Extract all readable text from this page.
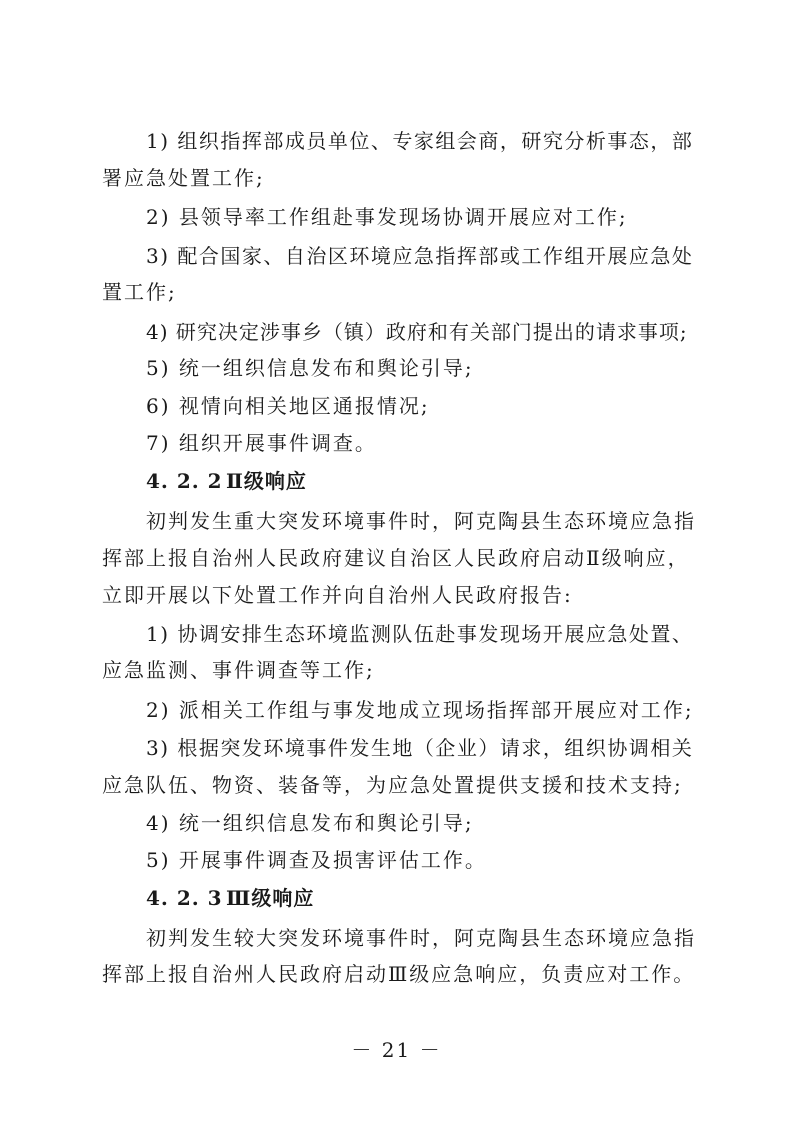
1) 组织指挥部成员单位、专家组会商，研究分析事态，部
署应急处置工作;
2) 县领导率工作组赴事发现场协调开展应对工作;
3) 配合国家、自治区环境应急指挥部或工作组开展应急处
置工作;
4) 研究决定涉事乡（镇）政府和有关部门提出的请求事项;
5) 统一组织信息发布和舆论引导;
6) 视情向相关地区通报情况;
7) 组织开展事件调查。
4. 2. 2 Ⅱ级响应
初判发生重大突发环境事件时，阿克陶县生态环境应急指
挥部上报自治州人民政府建议自治区人民政府启动Ⅱ级响应，
立即开展以下处置工作并向自治州人民政府报告:
1) 协调安排生态环境监测队伍赴事发现场开展应急处置、
应急监测、事件调查等工作;
2) 派相关工作组与事发地成立现场指挥部开展应对工作;
3) 根据突发环境事件发生地（企业）请求，组织协调相关
应急队伍、物资、装备等，为应急处置提供支援和技术支持;
4) 统一组织信息发布和舆论引导;
5) 开展事件调查及损害评估工作。
4. 2. 3 Ⅲ级响应
初判发生较大突发环境事件时，阿克陶县生态环境应急指
挥部上报自治州人民政府启动Ⅲ级应急响应，负责应对工作。
－ 21 －
